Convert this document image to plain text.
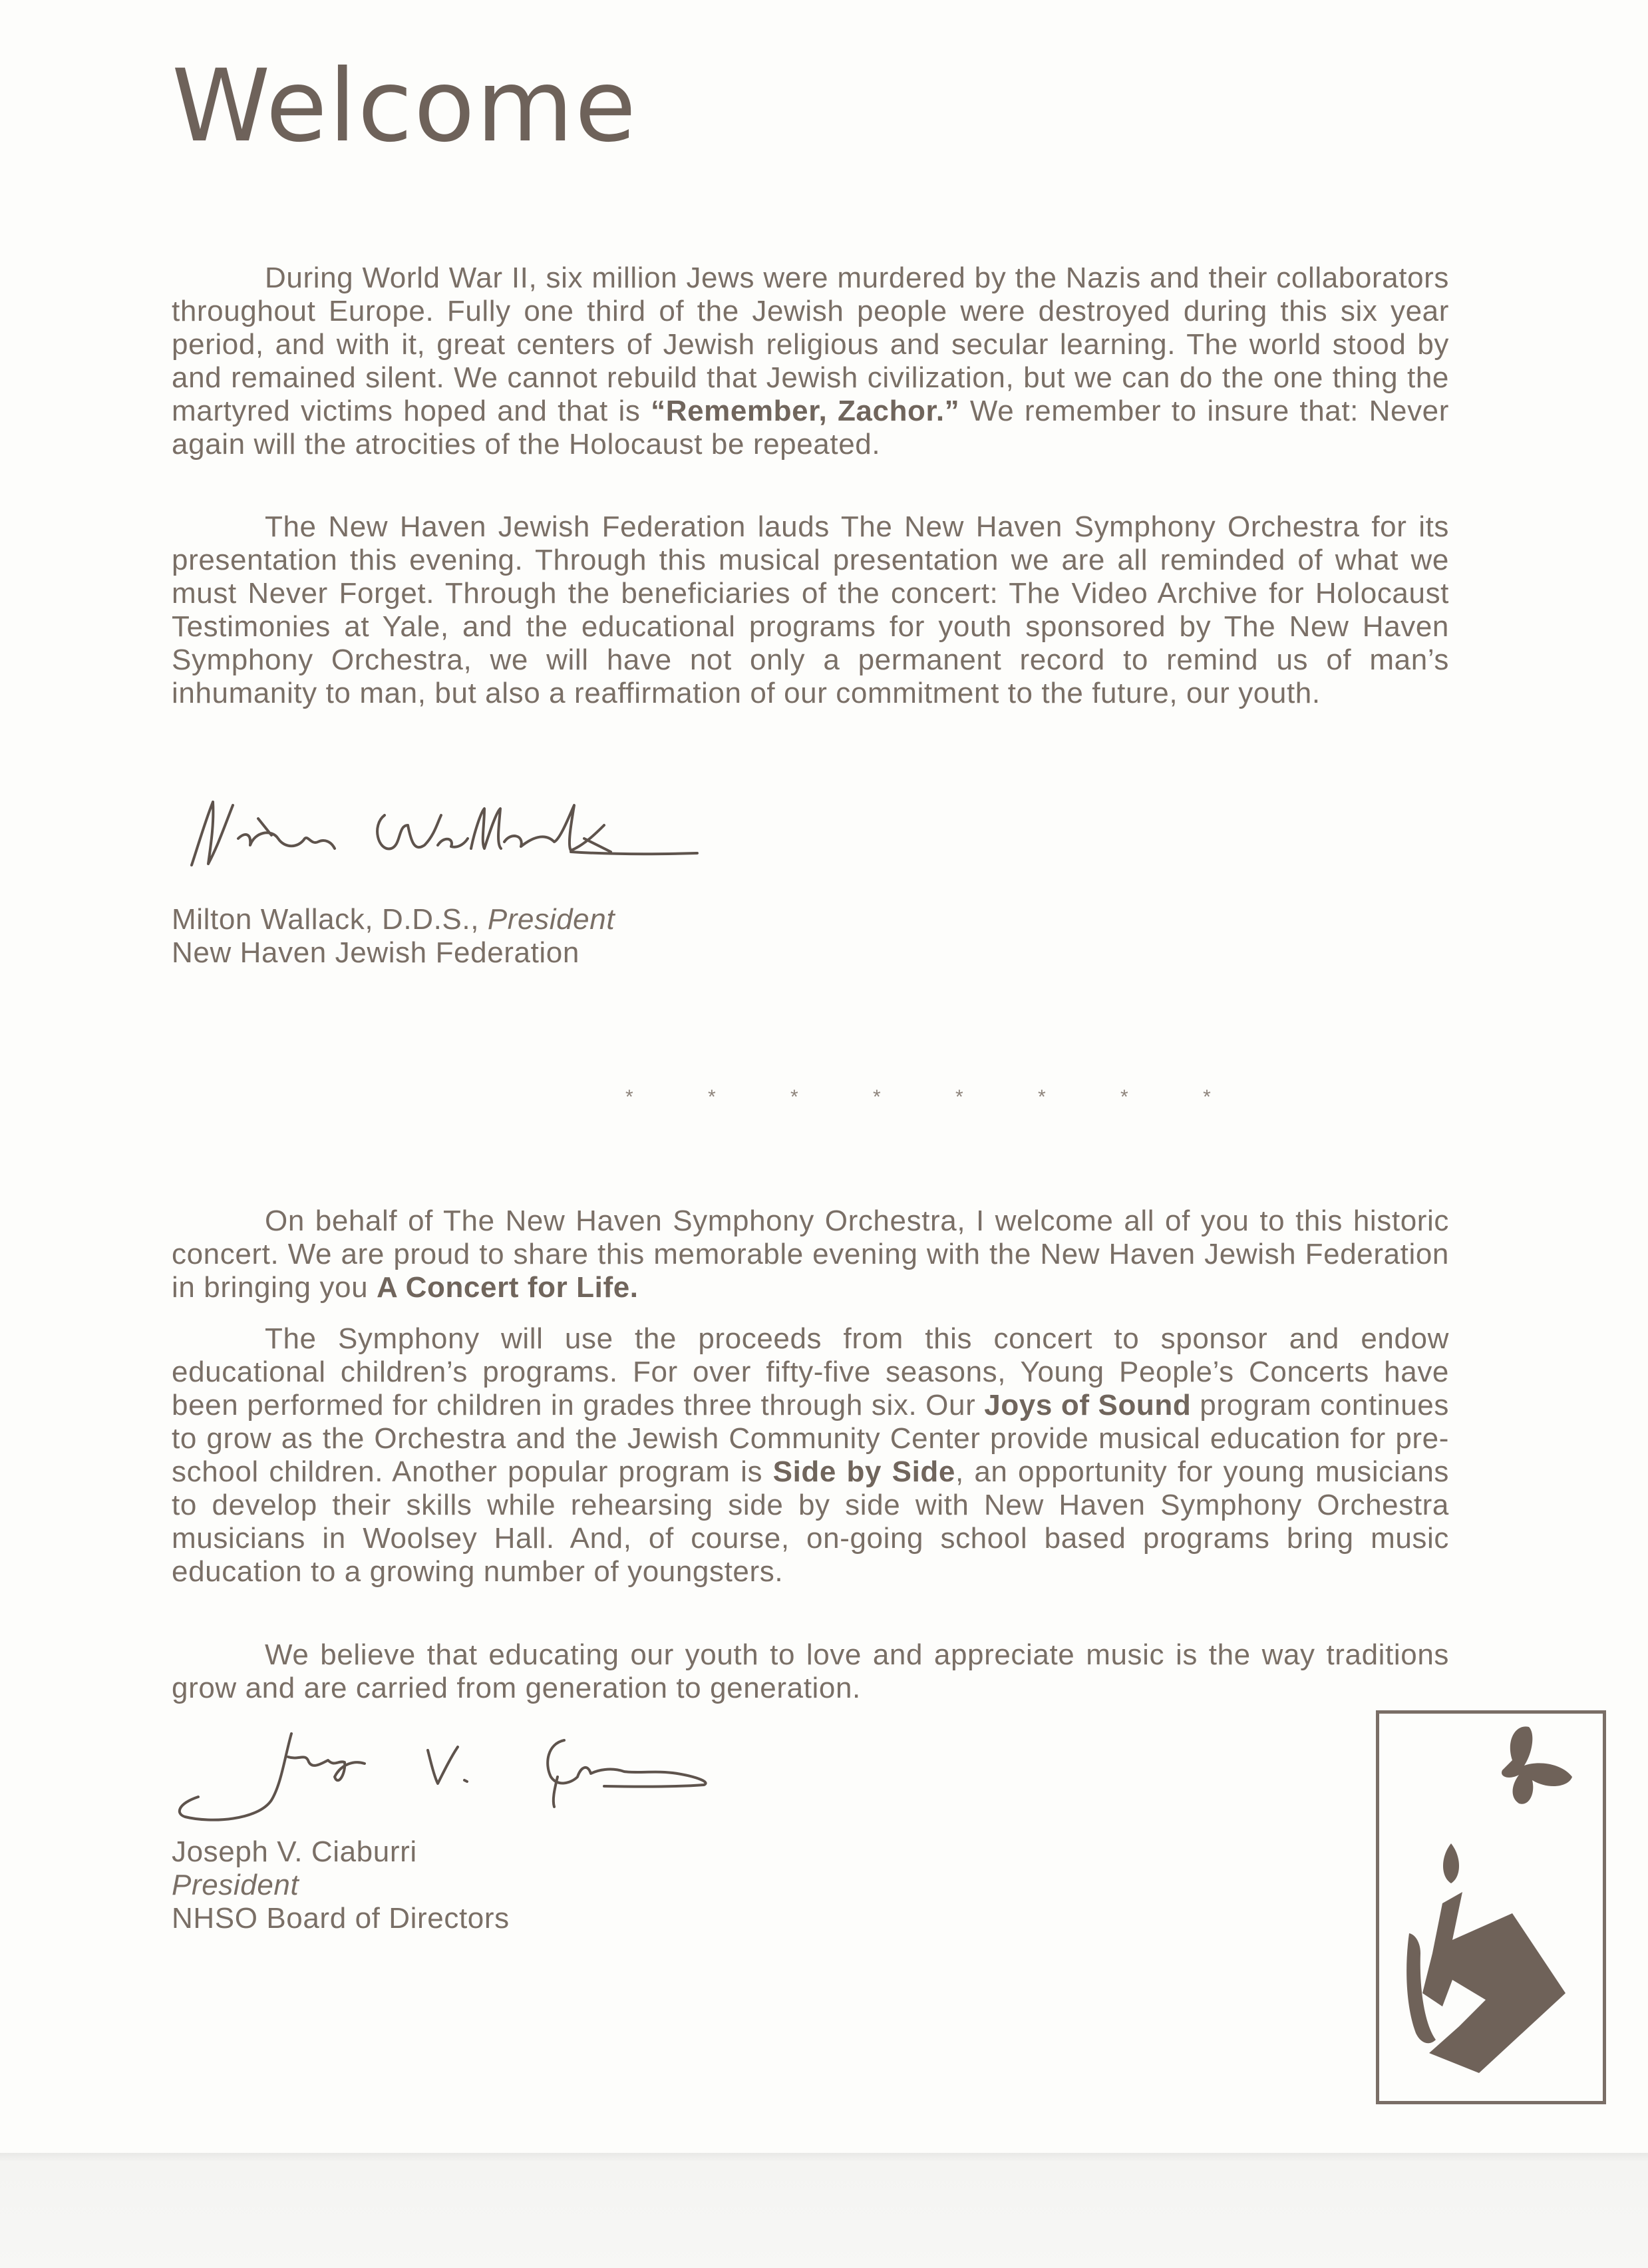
Welcome

During World War II, six million Jews were murdered by the Nazis and their collaborators throughout Europe. Fully one third of the Jewish people were destroyed during this six year period, and with it, great centers of Jewish religious and secular learning. The world stood by and remained silent. We cannot rebuild that Jewish civilization, but we can do the one thing the martyred victims hoped and that is “Remember, Zachor.” We remember to insure that: Never again will the atrocities of the Holocaust be repeated.

The New Haven Jewish Federation lauds The New Haven Symphony Orchestra for its presentation this evening. Through this musical presentation we are all reminded of what we must Never Forget. Through the beneficiaries of the concert: The Video Archive for Holocaust Testimonies at Yale, and the educational programs for youth sponsored by The New Haven Symphony Orchestra, we will have not only a permanent record to remind us of man’s inhumanity to man, but also a reaffirmation of our commitment to the future, our youth.

Milton Wallack, D.D.S., President
New Haven Jewish Federation
* * * * * * * *

On behalf of The New Haven Symphony Orchestra, I welcome all of you to this historic concert. We are proud to share this memorable evening with the New Haven Jewish Federation in bringing you A Concert for Life.

The Symphony will use the proceeds from this concert to sponsor and endow educational children’s programs. For over fifty-five seasons, Young People’s Concerts have been performed for children in grades three through six. Our Joys of Sound program continues to grow as the Orchestra and the Jewish Community Center provide musical education for pre-school children. Another popular program is Side by Side, an opportunity for young musicians to develop their skills while rehearsing side by side with New Haven Symphony Orchestra musicians in Woolsey Hall. And, of course, on-going school based programs bring music education to a growing number of youngsters.

We believe that educating our youth to love and appreciate music is the way traditions grow and are carried from generation to generation.

Joseph V. Ciaburri
President
NHSO Board of Directors
